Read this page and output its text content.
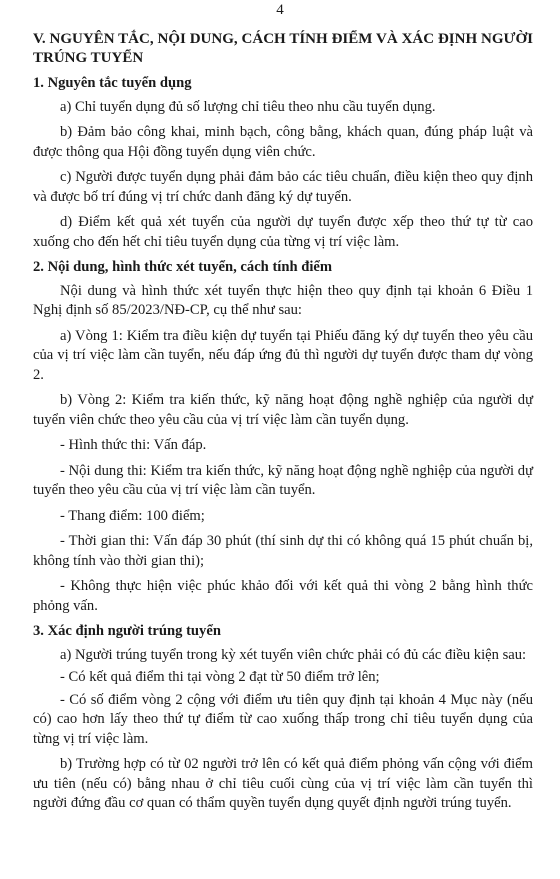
4
V. NGUYÊN TẮC, NỘI DUNG, CÁCH TÍNH ĐIỂM VÀ XÁC ĐỊNH NGƯỜI TRÚNG TUYỂN
1. Nguyên tắc tuyển dụng
a) Chỉ tuyển dụng đủ số lượng chỉ tiêu theo nhu cầu tuyển dụng.
b) Đảm bảo công khai, minh bạch, công bằng, khách quan, đúng pháp luật và được thông qua Hội đồng tuyển dụng viên chức.
c) Người được tuyển dụng phải đảm bảo các tiêu chuẩn, điều kiện theo quy định và được bố trí đúng vị trí chức danh đăng ký dự tuyển.
d) Điểm kết quả xét tuyển của người dự tuyển được xếp theo thứ tự từ cao xuống cho đến hết chỉ tiêu tuyển dụng của từng vị trí việc làm.
2. Nội dung, hình thức xét tuyển, cách tính điểm
Nội dung và hình thức xét tuyển thực hiện theo quy định tại khoản 6 Điều 1 Nghị định số 85/2023/NĐ-CP, cụ thể như sau:
a) Vòng 1: Kiểm tra điều kiện dự tuyển tại Phiếu đăng ký dự tuyển theo yêu cầu của vị trí việc làm cần tuyển, nếu đáp ứng đủ thì người dự tuyển được tham dự vòng 2.
b) Vòng 2: Kiểm tra kiến thức, kỹ năng hoạt động nghề nghiệp của người dự tuyển viên chức theo yêu cầu của vị trí việc làm cần tuyển dụng.
- Hình thức thi: Vấn đáp.
- Nội dung thi: Kiểm tra kiến thức, kỹ năng hoạt động nghề nghiệp của người dự tuyển theo yêu cầu của vị trí việc làm cần tuyển.
- Thang điểm: 100 điểm;
- Thời gian thi: Vấn đáp 30 phút (thí sinh dự thi có không quá 15 phút chuẩn bị, không tính vào thời gian thi);
- Không thực hiện việc phúc khảo đối với kết quả thi vòng 2 bằng hình thức phỏng vấn.
3. Xác định người trúng tuyển
a) Người trúng tuyển trong kỳ xét tuyển viên chức phải có đủ các điều kiện sau:
- Có kết quả điểm thi tại vòng 2 đạt từ 50 điểm trở lên;
- Có số điểm vòng 2 cộng với điểm ưu tiên quy định tại khoản 4 Mục này (nếu có) cao hơn lấy theo thứ tự điểm từ cao xuống thấp trong chỉ tiêu tuyển dụng của từng vị trí việc làm.
b) Trường hợp có từ 02 người trở lên có kết quả điểm phỏng vấn cộng với điểm ưu tiên (nếu có) bằng nhau ở chỉ tiêu cuối cùng của vị trí việc làm cần tuyển thì người đứng đầu cơ quan có thẩm quyền tuyển dụng quyết định người trúng tuyển.
